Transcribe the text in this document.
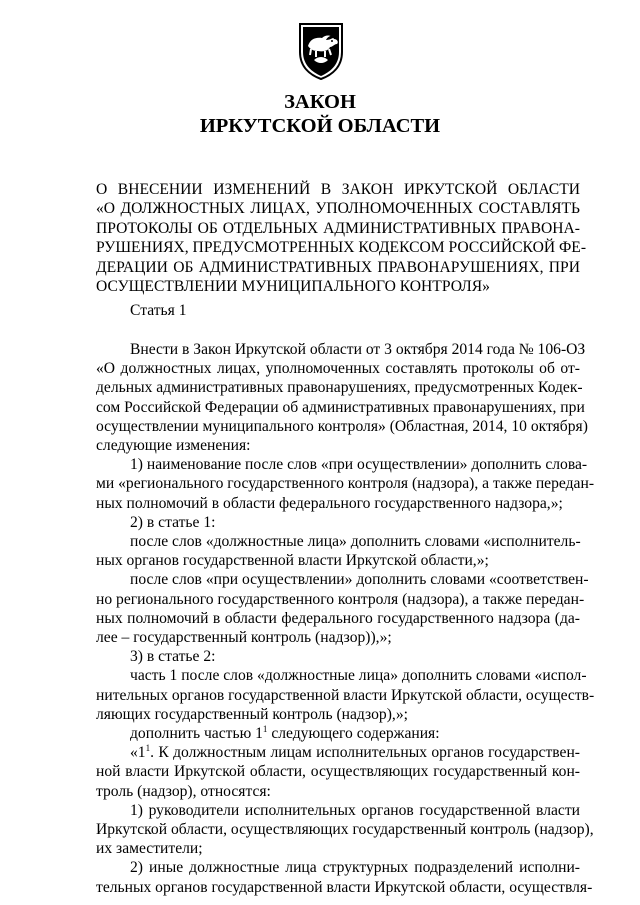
ЗАКОН
ИРКУТСКОЙ ОБЛАСТИ
О ВНЕСЕНИИ ИЗМЕНЕНИЙ В ЗАКОН ИРКУТСКОЙ ОБЛАСТИ
«О ДОЛЖНОСТНЫХ ЛИЦАХ, УПОЛНОМОЧЕННЫХ СОСТАВЛЯТЬ
ПРОТОКОЛЫ ОБ ОТДЕЛЬНЫХ АДМИНИСТРАТИВНЫХ ПРАВОНА-
РУШЕНИЯХ, ПРЕДУСМОТРЕННЫХ КОДЕКСОМ РОССИЙСКОЙ ФЕ-
ДЕРАЦИИ ОБ АДМИНИСТРАТИВНЫХ ПРАВОНАРУШЕНИЯХ, ПРИ
ОСУЩЕСТВЛЕНИИ МУНИЦИПАЛЬНОГО КОНТРОЛЯ»
Статья 1
Внести в Закон Иркутской области от 3 октября 2014 года № 106-ОЗ
«О должностных лицах, уполномоченных составлять протоколы об от-
дельных административных правонарушениях, предусмотренных Кодек-
сом Российской Федерации об административных правонарушениях, при
осуществлении муниципального контроля» (Областная, 2014, 10 октября)
следующие изменения:
1) наименование после слов «при осуществлении» дополнить слова-
ми «регионального государственного контроля (надзора), а также передан-
ных полномочий в области федерального государственного надзора,»;
2) в статье 1:
после слов «должностные лица» дополнить словами «исполнитель-
ных органов государственной власти Иркутской области,»;
после слов «при осуществлении» дополнить словами «соответствен-
но регионального государственного контроля (надзора), а также передан-
ных полномочий в области федерального государственного надзора (да-
лее – государственный контроль (надзор)),»;
3) в статье 2:
часть 1 после слов «должностные лица» дополнить словами «испол-
нительных органов государственной власти Иркутской области, осуществ-
ляющих государственный контроль (надзор),»;
дополнить частью $1^1$ следующего содержания:
«$1^1$. К должностным лицам исполнительных органов государствен-
ной власти Иркутской области, осуществляющих государственный кон-
троль (надзор), относятся:
1) руководители исполнительных органов государственной власти
Иркутской области, осуществляющих государственный контроль (надзор),
их заместители;
2) иные должностные лица структурных подразделений исполни-
тельных органов государственной власти Иркутской области, осуществля-
